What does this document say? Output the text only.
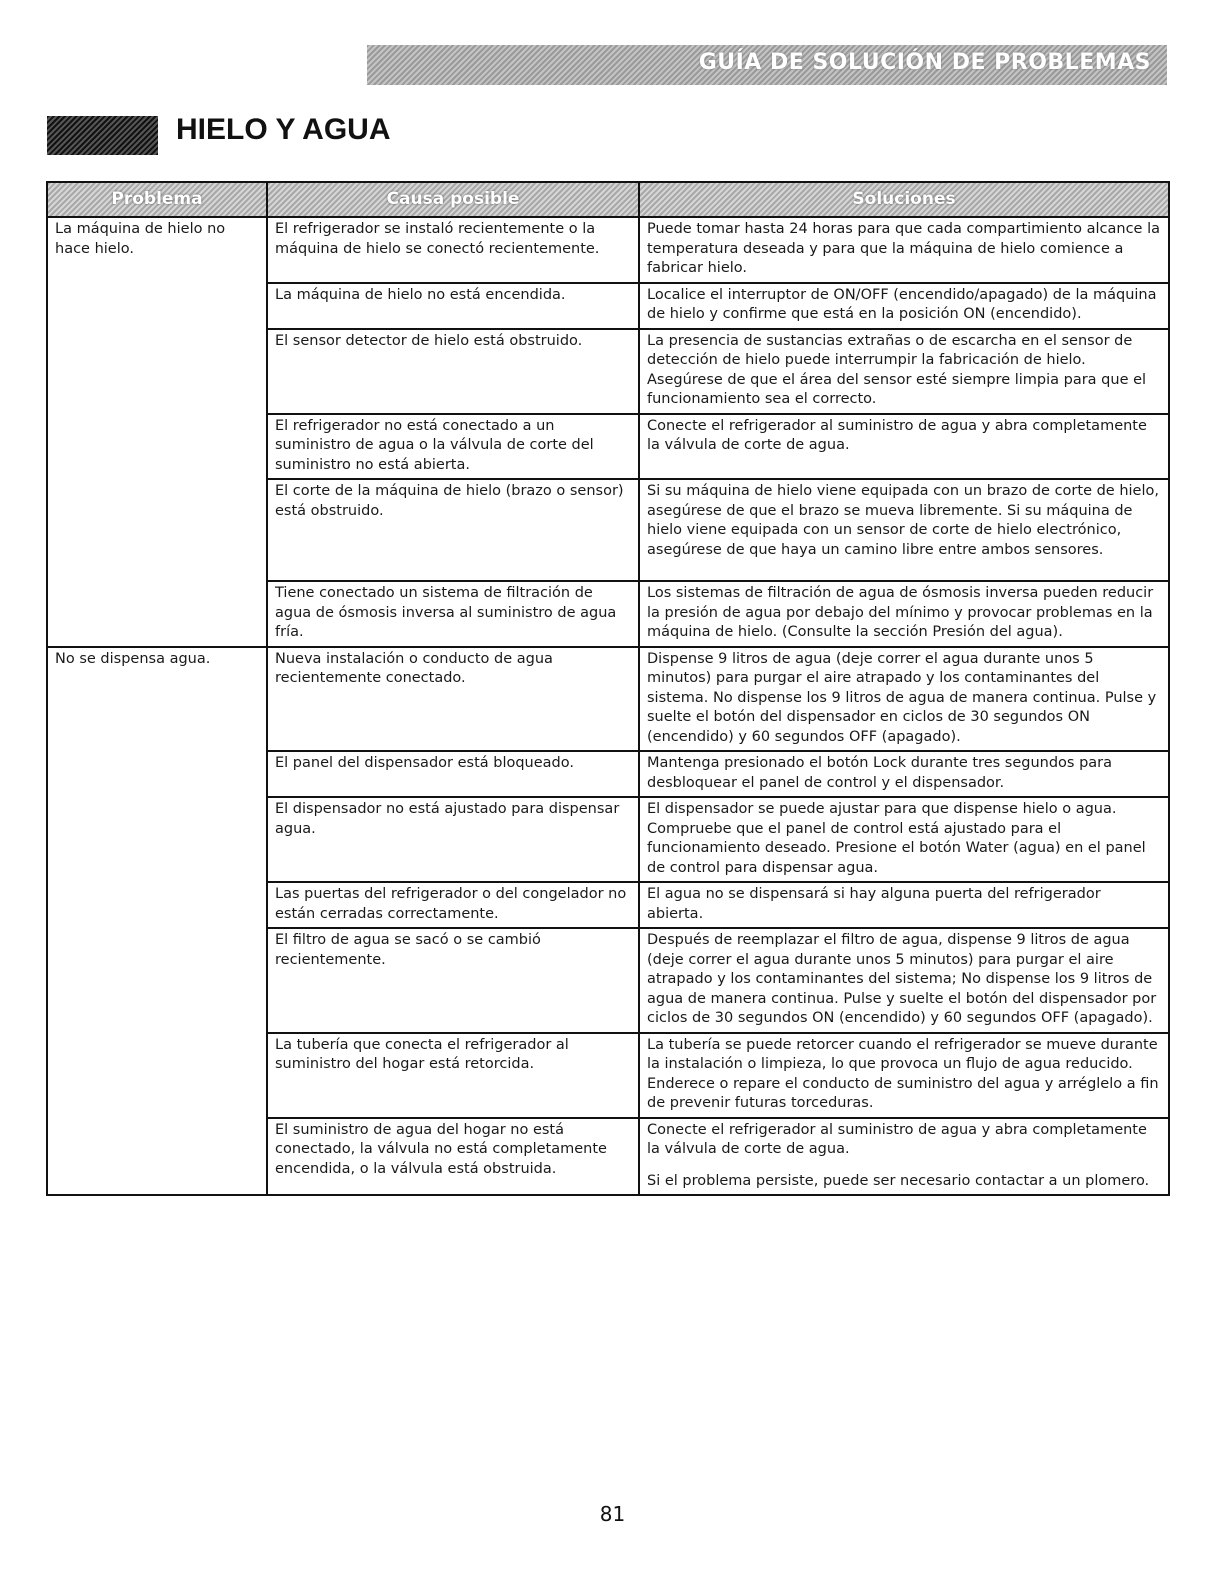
GUÍA DE SOLUCIÓN DE PROBLEMAS
HIELO Y AGUA
Problema	Causa posible	Soluciones
La máquina de hielo no hace hielo.	El refrigerador se instaló recientemente o la máquina de hielo se conectó recientemente.	Puede tomar hasta 24 horas para que cada compartimiento alcance la temperatura deseada y para que la máquina de hielo comience a fabricar hielo.
	La máquina de hielo no está encendida.	Localice el interruptor de ON/OFF (encendido/apagado) de la máquina de hielo y confirme que está en la posición ON (encendido).
	El sensor detector de hielo está obstruido.	La presencia de sustancias extrañas o de escarcha en el sensor de detección de hielo puede interrumpir la fabricación de hielo. Asegúrese de que el área del sensor esté siempre limpia para que el funcionamiento sea el correcto.
	El refrigerador no está conectado a un suministro de agua o la válvula de corte del suministro no está abierta.	Conecte el refrigerador al suministro de agua y abra completamente la válvula de corte de agua.
	El corte de la máquina de hielo (brazo o sensor) está obstruido.	Si su máquina de hielo viene equipada con un brazo de corte de hielo, asegúrese de que el brazo se mueva libremente. Si su máquina de hielo viene equipada con un sensor de corte de hielo electrónico, asegúrese de que haya un camino libre entre ambos sensores.
	Tiene conectado un sistema de filtración de agua de ósmosis inversa al suministro de agua fría.	Los sistemas de filtración de agua de ósmosis inversa pueden reducir la presión de agua por debajo del mínimo y provocar problemas en la máquina de hielo. (Consulte la sección Presión del agua).
No se dispensa agua.	Nueva instalación o conducto de agua recientemente conectado.	Dispense 9 litros de agua (deje correr el agua durante unos 5 minutos) para purgar el aire atrapado y los contaminantes del sistema. No dispense los 9 litros de agua de manera continua. Pulse y suelte el botón del dispensador en ciclos de 30 segundos ON (encendido) y 60 segundos OFF (apagado).
	El panel del dispensador está bloqueado.	Mantenga presionado el botón Lock durante tres segundos para desbloquear el panel de control y el dispensador.
	El dispensador no está ajustado para dispensar agua.	El dispensador se puede ajustar para que dispense hielo o agua. Compruebe que el panel de control está ajustado para el funcionamiento deseado. Presione el botón Water (agua) en el panel de control para dispensar agua.
	Las puertas del refrigerador o del congelador no están cerradas correctamente.	El agua no se dispensará si hay alguna puerta del refrigerador abierta.
	El filtro de agua se sacó o se cambió recientemente.	Después de reemplazar el filtro de agua, dispense 9 litros de agua (deje correr el agua durante unos 5 minutos) para purgar el aire atrapado y los contaminantes del sistema; No dispense los 9 litros de agua de manera continua. Pulse y suelte el botón del dispensador por ciclos de 30 segundos ON (encendido) y 60 segundos OFF (apagado).
	La tubería que conecta el refrigerador al suministro del hogar está retorcida.	La tubería se puede retorcer cuando el refrigerador se mueve durante la instalación o limpieza, lo que provoca un flujo de agua reducido. Enderece o repare el conducto de suministro del agua y arréglelo a fin de prevenir futuras torceduras.
	El suministro de agua del hogar no está conectado, la válvula no está completamente encendida, o la válvula está obstruida.	Conecte el refrigerador al suministro de agua y abra completamente la válvula de corte de agua.
Si el problema persiste, puede ser necesario contactar a un plomero.
81
